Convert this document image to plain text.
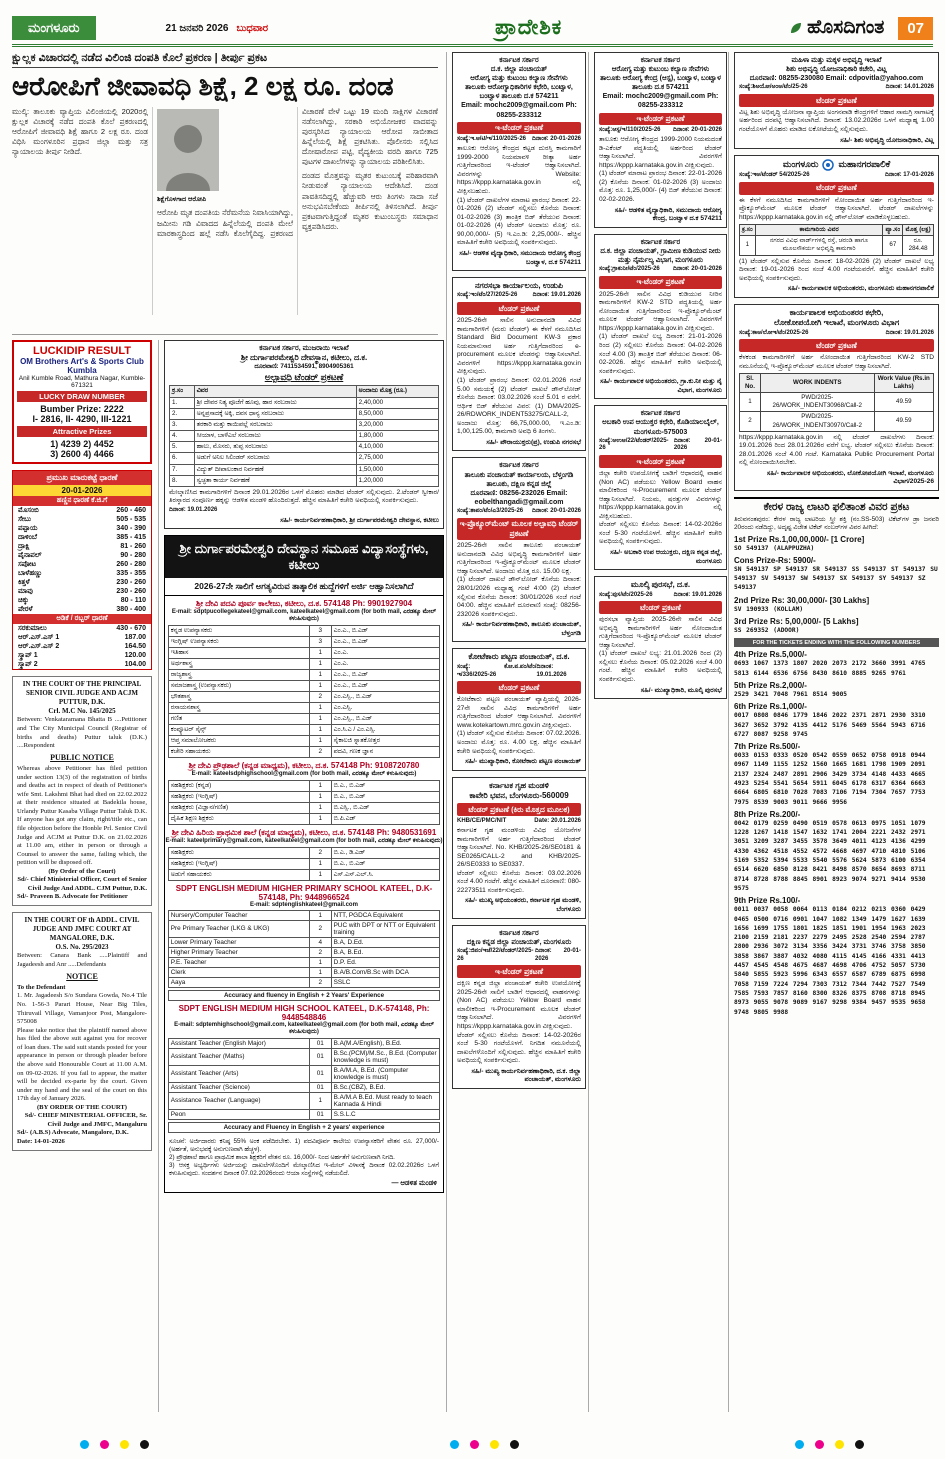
ಮಂಗಳೂರು	21 ಜನವರಿ 2026 ಬುಧವಾರ	ಪ್ರಾದೇಶಿಕ	ಹೊಸದಿಗಂತ	07
ಕ್ಷುಲ್ಲಕ ವಿಚಾರದಲ್ಲಿ ನಡೆದ ವಿಲಿಂಜಿ ದಂಪತಿ ಕೊಲೆ ಪ್ರಕರಣ | ತೀರ್ಪು ಪ್ರಕಟ
ಆರೋಪಿಗೆ ಜೀವಾವಧಿ ಶಿಕ್ಷೆ, 2 ಲಕ್ಷ ರೂ. ದಂಡ

ಮುಲ್ಕಿ: ತಾಲೂಕು ವ್ಯಾಪ್ತಿಯ ವಿಲಿಂಜಿಯಲ್ಲಿ 2020ರಲ್ಲಿ ಕ್ಷುಲ್ಲಕ ವಿಚಾರಕ್ಕೆ ನಡೆದ ದಂಪತಿ ಕೊಲೆ ಪ್ರಕರಣದಲ್ಲಿ ಆರೋಪಿಗೆ ಜೀವಾವಧಿ ಶಿಕ್ಷೆ ಹಾಗೂ 2 ಲಕ್ಷ ರೂ. ದಂಡ ವಿಧಿಸಿ ಮಂಗಳೂರಿನ ಪ್ರಧಾನ ಜಿಲ್ಲಾ ಮತ್ತು ಸತ್ರ ನ್ಯಾಯಾಲಯ ತೀರ್ಪು ನೀಡಿದೆ.

ಶಿಕ್ಷೆಗೊಳಗಾದ ಆರೋಪಿ

ಆರೋಪಿ ಮೃತ ದಂಪತಿಯ ನೆರೆಮನೆಯ ನಿವಾಸಿಯಾಗಿದ್ದು, ಜಮೀನು ಗಡಿ ವಿವಾದದ ಹಿನ್ನೆಲೆಯಲ್ಲಿ ದಂಪತಿ ಮೇಲೆ ಮಾರಕಾಸ್ತ್ರದಿಂದ ಹಲ್ಲೆ ನಡೆಸಿ ಕೊಲೆಗೈದಿದ್ದ. ಪ್ರಕರಣದ ವಿಚಾರಣೆ ವೇಳೆ ಒಟ್ಟು 19 ಮಂದಿ ಸಾಕ್ಷಿಗಳ ವಿಚಾರಣೆ ನಡೆಸಲಾಗಿದ್ದು, ಸರಕಾರಿ ಅಭಿಯೋಜಕರ ವಾದವನ್ನು ಪುರಸ್ಕರಿಸಿದ ನ್ಯಾಯಾಲಯ ಆರೋಪ ಸಾಬೀತಾದ ಹಿನ್ನೆಲೆಯಲ್ಲಿ ಶಿಕ್ಷೆ ಪ್ರಕಟಿಸಿತು. ಪೊಲೀಸರು ಸಲ್ಲಿಸಿದ ದೋಷಾರೋಪ ಪಟ್ಟಿ, ವೈದ್ಯಕೀಯ ವರದಿ ಹಾಗೂ 725 ಪುಟಗಳ ದಾಖಲೆಗಳನ್ನು ನ್ಯಾಯಾಲಯ ಪರಿಶೀಲಿಸಿತು.

ದಂಡದ ಮೊತ್ತವನ್ನು ಮೃತರ ಕುಟುಂಬಕ್ಕೆ ಪರಿಹಾರವಾಗಿ ನೀಡುವಂತೆ ನ್ಯಾಯಾಲಯ ಆದೇಶಿಸಿದೆ. ದಂಡ ಪಾವತಿಸದಿದ್ದಲ್ಲಿ ಹೆಚ್ಚುವರಿ ಆರು ತಿಂಗಳು ಸಾದಾ ಸಜೆ ಅನುಭವಿಸಬೇಕೆಂದು ತೀರ್ಪಿನಲ್ಲಿ ತಿಳಿಸಲಾಗಿದೆ. ತೀರ್ಪು ಪ್ರಕಟವಾಗುತ್ತಿದ್ದಂತೆ ಮೃತರ ಕುಟುಂಬಸ್ಥರು ಸಮಾಧಾನ ವ್ಯಕ್ತಪಡಿಸಿದರು.

LUCKIDIP RESULT
OM Brothers Art's & Sports Club Kumbla
Anil Kumble Road, Mathura Nagar, Kumble-671321
LUCKY DRAW NUMBER
Bumber Prize: 2222
I- 2816, II- 4290, III-1221
Attractive Prizes
1) 4239 2) 4452
3) 2600 4) 4466
ಪ್ರಮುಖ ಮಾರುಕಟ್ಟೆ ಧಾರಣೆ
20-01-2026
ಹಣ್ಣಿನ ಧಾರಣೆ ಕೆ.ಜಿ.ಗೆ
ಮೊಸಂಬಿ	260 - 460
ಸೇಬು	505 - 535
ಪಪ್ಪಾಯ	340 - 390
ದಾಳಿಂಬೆ	385 - 415
ದ್ರಾಕ್ಷಿ	81 - 260
ಪೈನಾಪಲ್	90 - 280
ಸಪೋಟ	260 - 280
ಬಾಳೆಹಣ್ಣು	335 - 355
ಕಿತ್ತಳೆ	230 - 260
ಮಾವು	230 - 260
ಚಿಕ್ಕು	80 - 110
ಪೇರಳೆ	380 - 400
ಅಡಿಕೆ / ರಬ್ಬರ್ ಧಾರಣೆ
ಸರಕುಮಾಲು	430 - 670
ಆರ್.ಎಸ್.ಎಸ್ 1	187.00
ಆರ್.ಎಸ್.ಎಸ್ 2	164.50
ಸ್ಕ್ರಾಪ್ 1	120.00
ಸ್ಕ್ರಾಪ್ 2	104.00
IN THE COURT OF THE PRINCIPAL SENIOR CIVIL JUDGE AND ACJM PUTTUR, D.K.
Crl. M.C No. 145/2025
Between: Venkataramana Bhatta B ....Petitioner and The City Municipal Council (Registrar of births and deaths) Puttur taluk (D.K.) ....Respondent
PUBLIC NOTICE
Whereas above Petitioner has filed petition under section 13(3) of the registration of births and deaths act in respect of death of Petitioner's wife Smt. Lakshmi Bhat had died on 22.02.2022 at their residence situated at Badekila house, Urlandy Puttur Kasaba Village Puttur Taluk D.K. If anyone has got any claim, right/title etc., can file objection before the Honble Prl. Senior Civil Judge and ACJM at Puttur D.K. on 21.02.2026 at 11.00 am, either in person or through a Counsel to answer the same, failing which, the petition will be disposed off.
(By Order of the Court)
Sd/- Chief Ministerial Officer, Court of Senior Civil Judge And ADDL. CJM Puttur, D.K.
Sd/- Praveen B. Advocate for Petitioner
IN THE COURT OF th ADDL. CIVIL JUDGE AND JMFC COURT AT MANGALORE, D.K.
O.S. No. 295/2023
Between: Canara Bank .....Plaintiff and Jagadeesh and Anr .....Defendants
NOTICE
To the Defendant
1. Mr. Jagadeesh S/o Sundara Gowda, No.4 Tile No. 1-56-3 Parari House, Near Big Tiles, Thiruvail Village, Vamanjoor Post, Mangalore-575008
Please take notice that the plaintiff named above has filed the above suit against you for recover of loan dues. The said suit stands posted for your appearance in person or through pleader before the above said Honourable Court at 11.00 A.M. on 09-02-2026. If you fail to appear, the matter will be decided ex-parte by the court. Given under my hand and the seal of the court on this 17th day of January 2026.
(BY ORDER OF THE COURT)
Sd/- CHIEF MINISTERIAL OFFICER, Sr. Civil Judge and JMFC, Mangaluru
Sd/- (A.B.S) Advocate, Mangalore, D.K.
Date: 14-01-2026
ಕರ್ನಾಟಕ ಸರ್ಕಾರ, ಮುಜರಾಯಿ ಇಲಾಖೆ
ಶ್ರೀ ದುರ್ಗಾಪರಮೇಶ್ವರಿ ದೇವಸ್ಥಾನ, ಕಟೀಲು, ದ.ಕ.
ದೂರವಾಣಿ: 7411534591, 8904905361
ಅಲ್ಪಾವಧಿ ಟೆಂಡರ್ ಪ್ರಕಟಣೆ
ಕ್ರ.ಸಂ	ವಿವರ	ಅಂದಾಜು ಮೊತ್ತ (ರೂ.)
1.	ಶ್ರೀ ದೇವರ ನಿತ್ಯ ಪೂಜೆಗೆ ಹೂವು, ಹಾರ ಸರಬರಾಜು	2,40,000
2.	ಅನ್ನಪ್ರಸಾದಕ್ಕೆ ಅಕ್ಕಿ, ದವಸ ಧಾನ್ಯ ಸರಬರಾಜು	8,50,000
3.	ತರಕಾರಿ ಮತ್ತು ಕಾಯಿಪಲ್ಲೆ ಸರಬರಾಜು	3,20,000
4.	ಸೀಯಾಳ, ಬಾಳೆಎಲೆ ಸರಬರಾಜು	1,80,000
5.	ಹಾಲು, ಮೊಸರು, ತುಪ್ಪ ಸರಬರಾಜು	4,10,000
6.	ಅಡುಗೆ ಅನಿಲ ಸಿಲಿಂಡರ್ ಸರಬರಾಜು	2,75,000
7.	ವಿದ್ಯುತ್ ದೀಪಾಲಂಕಾರ ನಿರ್ವಹಣೆ	1,50,000
8.	ಸ್ವಚ್ಛತಾ ಕಾರ್ಯ ನಿರ್ವಹಣೆ	1,20,000
ಮೇಲ್ಕಾಣಿಸಿದ ಕಾಮಗಾರಿಗಳಿಗೆ ದಿನಾಂಕ 29.01.2026ರ ಒಳಗೆ ಮೊಹರು ಮಾಡಿದ ಟೆಂಡರ್ ಸಲ್ಲಿಸುವುದು. 2.ಟೆಂಡರ್ ಸ್ವೀಕಾರ/ತಿರಸ್ಕಾರದ ಸಂಪೂರ್ಣ ಹಕ್ಕನ್ನು ಆಡಳಿತ ಮಂಡಳಿ ಹೊಂದಿರುತ್ತದೆ. ಹೆಚ್ಚಿನ ಮಾಹಿತಿಗೆ ಕಚೇರಿ ಅವಧಿಯಲ್ಲಿ ಸಂಪರ್ಕಿಸುವುದು.
ದಿನಾಂಕ: 19.01.2026
ಸಹಿ/- ಕಾರ್ಯನಿರ್ವಹಣಾಧಿಕಾರಿ, ಶ್ರೀ ದುರ್ಗಾಪರಮೇಶ್ವರಿ ದೇವಸ್ಥಾನ, ಕಟೀಲು
ಶ್ರೀ ದುರ್ಗಾಪರಮೇಶ್ವರಿ ದೇವಸ್ಥಾನ ಸಮೂಹ ವಿದ್ಯಾಸಂಸ್ಥೆಗಳು, ಕಟೀಲು
2026-27ನೇ ಸಾಲಿಗೆ ಅಗತ್ಯವಿರುವ ತಾತ್ಕಾಲಿಕ ಹುದ್ದೆಗಳಿಗೆ ಅರ್ಜಿ ಆಹ್ವಾನಿಸಲಾಗಿದೆ
ಶ್ರೀ ದೇವಿ ಪದವಿ ಪೂರ್ವ ಕಾಲೇಜು, ಕಟೀಲು, ದ.ಕ. 574148 Ph: 9901927904
E-mail: sdptpucollegekateel@gmail.com, kateelkateel@gmail.com (for both mail, ಎರಡಕ್ಕೂ ಮೇಲ್ ಕಳುಹಿಸುವುದು)
ಕನ್ನಡ ಉಪನ್ಯಾಸಕರು	3	ಎಂ.ಎ., ಬಿ.ಎಡ್
ಇಂಗ್ಲಿಷ್ ಉಪನ್ಯಾಸಕರು	3	ಎಂ.ಎ., ಬಿ.ಎಡ್
ಇತಿಹಾಸ	1	ಎಂ.ಎ.
ಅರ್ಥಶಾಸ್ತ್ರ	1	ಎಂ.ಎ.
ರಾಜ್ಯಶಾಸ್ತ್ರ	1	ಎಂ.ಎ., ಬಿ.ಎಡ್
ಸಮಾಜಶಾಸ್ತ್ರ (ಉಪನ್ಯಾಸಕರು)	1	ಎಂ.ಎ., ಬಿ.ಎಡ್
ಭೌತಶಾಸ್ತ್ರ	2	ಎಂ.ಎಸ್ಸಿ., ಬಿ.ಎಡ್
ರಸಾಯನಶಾಸ್ತ್ರ	1	ಎಂ.ಎಸ್ಸಿ.
ಗಣಿತ	1	ಎಂ.ಎಸ್ಸಿ., ಬಿ.ಎಡ್
ಕಂಪ್ಯೂಟರ್ ಸೈನ್ಸ್	1	ಎಂ.ಸಿ.ಎ / ಎಂ.ಎಸ್ಸಿ.
ಆಪ್ತ ಸಮಾಲೋಚಕರು	1	ಸೈಕಾಲಜಿ ಸ್ನಾತಕೋತ್ತರ
ಕಚೇರಿ ಸಹಾಯಕರು	2	ಪದವಿ, ಗಣಕ ಜ್ಞಾನ
ಶ್ರೀ ದೇವಿ ಪ್ರೌಢಶಾಲೆ (ಕನ್ನಡ ಮಾಧ್ಯಮ), ಕಟೀಲು, ದ.ಕ. 574148 Ph: 9108720780
E-mail: kateelsdphighschool@gmail.com (for both mail, ಎರಡಕ್ಕೂ ಮೇಲ್ ಕಳುಹಿಸುವುದು)
ಸಹಶಿಕ್ಷಕರು (ಕನ್ನಡ)	1	ಬಿ.ಎ., ಬಿ.ಎಡ್
ಸಹಶಿಕ್ಷಕರು (ಇಂಗ್ಲಿಷ್)	1	ಬಿ.ಎ., ಬಿ.ಎಡ್
ಸಹಶಿಕ್ಷಕರು (ವಿಜ್ಞಾನ/ಗಣಿತ)	1	ಬಿ.ಎಸ್ಸಿ., ಬಿ.ಎಡ್
ದೈಹಿಕ ಶಿಕ್ಷಣ ಶಿಕ್ಷಕರು	1	ಬಿ.ಪಿ.ಎಡ್
ಶ್ರೀ ದೇವಿ ಹಿರಿಯ ಪ್ರಾಥಮಿಕ ಶಾಲೆ (ಕನ್ನಡ ಮಾಧ್ಯಮ), ಕಟೀಲು, ದ.ಕ. 574148 Ph: 9480531691
E-mail: kateelprimary@gmail.com, kateelkateel@gmail.com (for both mail, ಎರಡಕ್ಕೂ ಮೇಲ್ ಕಳುಹಿಸುವುದು)
ಸಹಶಿಕ್ಷಕರು	2	ಬಿ.ಎ., ಡಿ.ಎಡ್
ಸಹಶಿಕ್ಷಕರು (ಇಂಗ್ಲಿಷ್)	1	ಬಿ.ಎ., ಬಿ.ಎಡ್
ಅಡುಗೆ ಸಹಾಯಕರು	1	ಎಸ್.ಎಸ್.ಎಲ್.ಸಿ.
SDPT ENGLISH MEDIUM HIGHER PRIMARY SCHOOL KATEEL, D.K-574148, Ph: 9448966524
E-mail: sdptenglishkateel@gmail.com
Nursery/Computer Teacher	1	NTT, PGDCA Equivalent
Pre Primary Teacher (LKG & UKG)	2	PUC with DPT or NTT or Equivalent training
Lower Primary Teacher	4	B.A, D.Ed.
Higher Primary Teacher	2	B.A, B.Ed.
P.E. Teacher	1	D.P. Ed.
Clerk	1	B.A/B.Com/B.Sc with DCA
Aaya	2	SSLC
Accuracy and fluency in English + 2 Years' Experience
SDPT ENGLISH MEDIUM HIGH SCHOOL KATEEL, D.K-574148, Ph: 9448548846
E-mail: sdptemhighschool@gmail.com, kateelkateel@gmail.com (for both mail, ಎರಡಕ್ಕೂ ಮೇಲ್ ಕಳುಹಿಸುವುದು)
Assistant Teacher (English Major)	01	B.A(M.A/English), B.Ed.
Assistant Teacher (Maths)	01	B.Sc.(PCM)/M.Sc., B.Ed. (Computer knowledge is must)
Assistant Teacher (Arts)	01	B.A/M.A, B.Ed. (Computer knowledge is must)
Assistant Teacher (Science)	01	B.Sc.(CBZ), B.Ed.
Assistance Teacher (Language)	1	B.A/M.A B.Ed. Must ready to teach Kannada & Hindi
Peon	01	S.S.L.C
Accuracy and Fluency in English + 2 years' experience
ಸೂಚನೆ: ಅರ್ಜಿದಾರರು ಕನಿಷ್ಠ 55% ಅಂಕ ಪಡೆದಿರಬೇಕು. 1) ಪದವಿಪೂರ್ವ ಕಾಲೇಜು ಉಪನ್ಯಾಸಕರಿಗೆ ವೇತನ ರೂ. 27,000/- (ಅರ್ಹತೆ, ಅನುಭವಕ್ಕೆ ಅನುಗುಣವಾಗಿ ಹೆಚ್ಚಳ).
2) ಪ್ರೌಢಶಾಲೆ ಹಾಗೂ ಪ್ರಾಥಮಿಕ ಶಾಲಾ ಶಿಕ್ಷಕರಿಗೆ ವೇತನ ರೂ. 16,000/- ನಿಂದ ಅರ್ಹತೆಗೆ ಅನುಗುಣವಾಗಿ ನಿಗದಿ.
3) ಆಸಕ್ತ ಅಭ್ಯರ್ಥಿಗಳು ಅರ್ಜಿಯನ್ನು ದಾಖಲೆಗಳೊಂದಿಗೆ ಮೇಲ್ಕಾಣಿಸಿದ ಇ-ಮೇಲ್ ವಿಳಾಸಕ್ಕೆ ದಿನಾಂಕ 02.02.2026ರ ಒಳಗೆ ಕಳುಹಿಸುವುದು. ಸಂದರ್ಶನ ದಿನಾಂಕ 07.02.2026ರಂದು ಆಯಾ ಸಂಸ್ಥೆಗಳಲ್ಲಿ ನಡೆಯಲಿದೆ.
— ಆಡಳಿತ ಮಂಡಳಿ
ಕರ್ನಾಟಕ ಸರ್ಕಾರ
ದ.ಕ. ಜಿಲ್ಲಾ ಪಂಚಾಯತ್
ಆರೋಗ್ಯ ಮತ್ತು ಕುಟುಂಬ ಕಲ್ಯಾಣ ಸೇವೆಗಳು
ತಾಲೂಕು ಆರೋಗ್ಯಾಧಿಕಾರಿಗಳ ಕಛೇರಿ, ಬಂಟ್ವಾಳ, ಬಂಟ್ವಾಳ ತಾಲೂಕು ದ.ಕ 574211
Email: mochc2009@gmail.com Ph: 08255-233312
ಇ-ಟೆಂಡರ್ ಪ್ರಕಟಣೆ
ಸಂಖ್ಯೆ:ಇ.ಆ/ಟಿ/ಇ/110/2025-26 ದಿನಾಂಕ: 20-01-2026
ತಾಲೂಕು ಆರೋಗ್ಯ ಕೇಂದ್ರದ ಕಟ್ಟಡ ದುರಸ್ತಿ ಕಾಮಗಾರಿಗೆ 1999-2000 ನಿಯಮಾವಳಿ ರೀತ್ಯಾ ಅರ್ಹ ಗುತ್ತಿಗೆದಾರರಿಂದ ಇ-ಟೆಂಡರ್ ಆಹ್ವಾನಿಸಲಾಗಿದೆ. ವಿವರಗಳನ್ನು Website: https://kppp.karnataka.gov.in ನಲ್ಲಿ ವೀಕ್ಷಿಸಬಹುದು.
(1) ಟೆಂಡರ್ ದಾಖಲೆಗಳ ಮಾರಾಟ ಪ್ರಾರಂಭ ದಿನಾಂಕ: 22-01-2026 (2) ಟೆಂಡರ್ ಸಲ್ಲಿಸಲು ಕೊನೆಯ ದಿನಾಂಕ: 01-02-2026 (3) ತಾಂತ್ರಿಕ ಬಿಡ್ ತೆರೆಯುವ ದಿನಾಂಕ: 01-02-2026 (4) ಟೆಂಡರ್ ಅಂದಾಜು ಮೊತ್ತ: ರೂ. 90,00,000/- (5) ಇ.ಎಂ.ಡಿ: 2,25,000/-. ಹೆಚ್ಚಿನ ಮಾಹಿತಿಗೆ ಕಚೇರಿ ಅವಧಿಯಲ್ಲಿ ಸಂಪರ್ಕಿಸುವುದು.
ಸಹಿ/- ಆಡಳಿತ ವೈದ್ಯಾಧಿಕಾರಿ, ಸಮುದಾಯ ಆರೋಗ್ಯ ಕೇಂದ್ರ ಬಂಟ್ವಾಳ, ದ.ಕ 574211
ನಗರಸಭಾ ಕಾರ್ಯಾಲಯ, ಉಡುಪಿ
ಸಂಖ್ಯೆ:ಇಂ/ಟೆಂ/27/2025-26	ದಿನಾಂಕ: 19.01.2026
ಟೆಂಡರ್ ಪ್ರಕಟಣೆ
2025-26ನೇ ಸಾಲಿನ ಅನುದಾನದಡಿ ವಿವಿಧ ಕಾಮಗಾರಿಗಳಿಗೆ (ಮರು ಟೆಂಡರ್) ಈ ಕೆಳಗೆ ನಮೂದಿಸಿದ Standard Bid Document KW-3 ಪ್ರಕಾರ ನಿಯಮಾನುಸಾರ ಅರ್ಹ ಗುತ್ತಿಗೆದಾರರಿಂದ e-procurement ಮೂಲಕ ಟೆಂಡರನ್ನು ಆಹ್ವಾನಿಸಲಾಗಿದೆ. ವಿವರಗಳಿಗೆ https://kppp.karnataka.gov.in ವೀಕ್ಷಿಸುವುದು.
(1) ಟೆಂಡರ್ ಪ್ರಾರಂಭ ದಿನಾಂಕ: 02.01.2026 ಗಂಟೆ 5.00 ಸಮಯಕ್ಕೆ (2) ಟೆಂಡರ್ ದಾಖಲೆ ಡೌನ್‌ಲೋಡ್ ಕೊನೆಯ ದಿನಾಂಕ: 03.02.2026 ಸಂಜೆ 5.01 ರ ವರೆಗೆ. ಆರ್ಥಿಕ ಬಿಡ್ ತೆರೆಯುವ ವಿವರ: (1) DMA/2025-26/RDWORK_INDENT53275/CALL-2, ಅಂದಾಜು ಮೊತ್ತ: 66,75,000.00, ಇ.ಎಂ.ಡಿ: 1,00,125.00, ಕಾಮಗಾರಿ ಅವಧಿ 6 ತಿಂಗಳು.
ಸಹಿ/- ಪೌರಾಯುಕ್ತರು(ಪ್ರ), ಉಡುಪಿ ನಗರಸಭೆ
ಕರ್ನಾಟಕ ಸರ್ಕಾರ
ತಾಲೂಕು ಪಂಚಾಯತ್ ಕಾರ್ಯಾಲಯ, ಬೆಳ್ತಂಗಡಿ ತಾಲೂಕು, ದಕ್ಷಿಣ ಕನ್ನಡ ಜಿಲ್ಲೆ
ದೂರವಾಣಿ: 08256-232026 Email: eobelthangadi@gmail.com
ಸಂಖ್ಯೆ:ತಾಪಂ/ಟೆಂ/ಎ3/2025-26 ದಿನಾಂಕ: 20-01-2026
ಇ-ಪ್ರೊಕ್ಯೂರ್‌ಮೆಂಟ್ ಮೂಲಕ ಅಲ್ಪಾವಧಿ ಟೆಂಡರ್ ಪ್ರಕಟಣೆ
2025-26ನೇ ಸಾಲಿನ ತಾಲೂಕು ಪಂಚಾಯತ್ ಅನುದಾನದಡಿ ವಿವಿಧ ಅಭಿವೃದ್ಧಿ ಕಾಮಗಾರಿಗಳಿಗೆ ಅರ್ಹ ಗುತ್ತಿಗೆದಾರರಿಂದ ಇ-ಪ್ರೊಕ್ಯೂರ್‌ಮೆಂಟ್ ಮೂಲಕ ಟೆಂಡರ್ ಆಹ್ವಾನಿಸಲಾಗಿದೆ. ಅಂದಾಜು ಮೊತ್ತ ರೂ. 15.00 ಲಕ್ಷ.
(1) ಟೆಂಡರ್ ದಾಖಲೆ ಡೌನ್‌ಲೋಡ್ ಕೊನೆಯ ದಿನಾಂಕ: 28/01/2026 ಮಧ್ಯಾಹ್ನ ಗಂಟೆ 4:00 (2) ಟೆಂಡರ್ ಸಲ್ಲಿಸುವ ಕೊನೆಯ ದಿನಾಂಕ: 30/01/2026 ಸಂಜೆ ಗಂಟೆ 04:00. ಹೆಚ್ಚಿನ ಮಾಹಿತಿಗೆ ದೂರವಾಣಿ ಸಂಖ್ಯೆ: 08256-232026 ಸಂಪರ್ಕಿಸುವುದು.
ಸಹಿ/- ಕಾರ್ಯನಿರ್ವಹಣಾಧಿಕಾರಿ, ತಾಲೂಕು ಪಂಚಾಯತ್, ಬೆಳ್ತಂಗಡಿ
ಕೋಟೆಕಾರು ಪಟ್ಟಣ ಪಂಚಾಯತ್, ದ.ಕ.
ಸಂಖ್ಯೆ: ಕೋ.ಪ.ಪಂ/ಟೆಂ/ಇ/336/2025-26
ದಿನಾಂಕ: 19.01.2026
ಟೆಂಡರ್ ಪ್ರಕಟಣೆ
ಕೋಟೆಕಾರು ಪಟ್ಟಣ ಪಂಚಾಯತ್ ವ್ಯಾಪ್ತಿಯಲ್ಲಿ 2026-27ನೇ ಸಾಲಿನ ವಿವಿಧ ಕಾಮಗಾರಿಗಳಿಗೆ ಅರ್ಹ ಗುತ್ತಿಗೆದಾರರಿಂದ ಟೆಂಡರ್ ಆಹ್ವಾನಿಸಲಾಗಿದೆ. ವಿವರಗಳಿಗೆ www.kotekartown.mrc.gov.in ವೀಕ್ಷಿಸುವುದು.
(1) ಟೆಂಡರ್ ಸಲ್ಲಿಸುವ ಕೊನೆಯ ದಿನಾಂಕ: 07.02.2026. ಅಂದಾಜು ಮೊತ್ತ: ರೂ. 4.00 ಲಕ್ಷ. ಹೆಚ್ಚಿನ ಮಾಹಿತಿಗೆ ಕಚೇರಿ ಅವಧಿಯಲ್ಲಿ ಸಂಪರ್ಕಿಸುವುದು.
ಸಹಿ/- ಮುಖ್ಯಾಧಿಕಾರಿ, ಕೋಟೆಕಾರು ಪಟ್ಟಣ ಪಂಚಾಯತ್
ಕರ್ನಾಟಕ ಗೃಹ ಮಂಡಳಿ
ಕಾವೇರಿ ಭವನ, ಬೆಂಗಳೂರು-560009
ಟೆಂಡರ್ ಪ್ರಕಟಣೆ (ಕಿರು ಮೊತ್ತದ ಮೂಲಕ)
KHB/CE/PMC/NIT	Date: 20.01.2026
ಕರ್ನಾಟಕ ಗೃಹ ಮಂಡಳಿಯ ವಿವಿಧ ಯೋಜನೆಗಳ ಕಾಮಗಾರಿಗಳಿಗೆ ಅರ್ಹ ಗುತ್ತಿಗೆದಾರರಿಂದ ಟೆಂಡರ್ ಆಹ್ವಾನಿಸಲಾಗಿದೆ. No. KHB/2025-26/SE0181 & SE0265/CALL-2 and KHB/2025-26/SE0333 to SE0337.
ಟೆಂಡರ್ ಸಲ್ಲಿಸಲು ಕೊನೆಯ ದಿನಾಂಕ: 03.02.2026 ಸಂಜೆ 4.00 ಗಂಟೆಗೆ. ಹೆಚ್ಚಿನ ಮಾಹಿತಿಗೆ ದೂರವಾಣಿ: 080-22273511 ಸಂಪರ್ಕಿಸುವುದು.
ಸಹಿ/- ಮುಖ್ಯ ಅಭಿಯಂತರರು, ಕರ್ನಾಟಕ ಗೃಹ ಮಂಡಳಿ, ಬೆಂಗಳೂರು
ಕರ್ನಾಟಕ ಸರ್ಕಾರ
ದಕ್ಷಿಣ ಕನ್ನಡ ಜಿಲ್ಲಾ ಪಂಚಾಯತ್, ಮಂಗಳೂರು
ಸಂಖ್ಯೆ:ಜಿಪಂ/ಇಜೆ/22/ಟೆಂಡರ್/2025-26
ದಿನಾಂಕ: 20-01-2026
ಇ-ಟೆಂಡರ್ ಪ್ರಕಟಣೆ
ದಕ್ಷಿಣ ಕನ್ನಡ ಜಿಲ್ಲಾ ಪಂಚಾಯತ್ ಕಚೇರಿ ಉಪಯೋಗಕ್ಕೆ 2025-26ನೇ ಸಾಲಿಗೆ ಬಾಡಿಗೆ ಆಧಾರದಲ್ಲಿ ವಾಹನಗಳನ್ನು (Non AC) ಪಡೆಯಲು Yellow Board ವಾಹನ ಮಾಲೀಕರಿಂದ ಇ-Procurement ಮೂಲಕ ಟೆಂಡರ್ ಆಹ್ವಾನಿಸಲಾಗಿದೆ. ವಿವರಗಳಿಗೆ https://kppp.karnataka.gov.in ವೀಕ್ಷಿಸುವುದು.
ಟೆಂಡರ್ ಸಲ್ಲಿಸಲು ಕೊನೆಯ ದಿನಾಂಕ: 14-02-2026ರ ಸಂಜೆ 5-30 ಗಂಟೆಯೊಳಗೆ. ನಿಗದಿತ ನಮೂನೆಯಲ್ಲಿ ದಾಖಲೆಗಳೊಂದಿಗೆ ಸಲ್ಲಿಸುವುದು. ಹೆಚ್ಚಿನ ಮಾಹಿತಿಗೆ ಕಚೇರಿ ಅವಧಿಯಲ್ಲಿ ಸಂಪರ್ಕಿಸುವುದು.
ಸಹಿ/- ಮುಖ್ಯ ಕಾರ್ಯನಿರ್ವಹಣಾಧಿಕಾರಿ, ದ.ಕ. ಜಿಲ್ಲಾ ಪಂಚಾಯತ್, ಮಂಗಳೂರು
ಕರ್ನಾಟಕ ಸರ್ಕಾರ
ಆರೋಗ್ಯ ಮತ್ತು ಕುಟುಂಬ ಕಲ್ಯಾಣ ಸೇವೆಗಳು
ತಾಲೂಕು ಆರೋಗ್ಯ ಕೇಂದ್ರ (ಆಸ್ಪ), ಬಂಟ್ವಾಳ, ಬಂಟ್ವಾಳ ತಾಲೂಕು ದ.ಕ 574211
Email: mochc2009@gmail.com Ph: 08255-233312
ಇ-ಟೆಂಡರ್ ಪ್ರಕಟಣೆ
ಸಂಖ್ಯೆ:ಆಸ್ಪ/ಇ/110/2025-26 ದಿನಾಂಕ: 20-01-2026
ತಾಲೂಕು ಆರೋಗ್ಯ ಕೇಂದ್ರದ 1999-2000 ನಿಯಮದಂತೆ ಡಿ-ಎಕೆಂಟ್ ಪದ್ಧತಿಯಲ್ಲಿ ಅರ್ಹರಿಂದ ಟೆಂಡರ್ ಆಹ್ವಾನಿಸಲಾಗಿದೆ. ವಿವರಗಳಿಗೆ https://kppp.karnataka.gov.in ವೀಕ್ಷಿಸುವುದು.
(1) ಟೆಂಡರ್ ಮಾರಾಟ ಪ್ರಾರಂಭ ದಿನಾಂಕ: 22-01-2026 (2) ಕೊನೆಯ ದಿನಾಂಕ: 01-02-2026 (3) ಅಂದಾಜು ಮೊತ್ತ: ರೂ. 1,25,000/- (4) ಬಿಡ್ ತೆರೆಯುವ ದಿನಾಂಕ: 02-02-2026.
ಸಹಿ/- ಆಡಳಿತ ವೈದ್ಯಾಧಿಕಾರಿ, ಸಮುದಾಯ ಆರೋಗ್ಯ ಕೇಂದ್ರ, ಬಂಟ್ವಾಳ ದ.ಕ 574211
ಕರ್ನಾಟಕ ಸರ್ಕಾರ
ದ.ಕ. ಜಿಲ್ಲಾ ಪಂಚಾಯತ್, ಗ್ರಾಮೀಣ ಕುಡಿಯುವ ನೀರು ಮತ್ತು ನೈರ್ಮಲ್ಯ ವಿಭಾಗ, ಮಂಗಳೂರು
ಸಂಖ್ಯೆ:ಗ್ರಾಕುನೀ/ಟೆಂ/2025-26 ದಿನಾಂಕ: 20-01-2026
ಇ-ಟೆಂಡರ್ ಪ್ರಕಟಣೆ
2025-26ನೇ ಸಾಲಿನ ವಿವಿಧ ಕುಡಿಯುವ ನೀರಿನ ಕಾಮಗಾರಿಗಳಿಗೆ KW-2 STD ಪದ್ಧತಿಯಲ್ಲಿ ಅರ್ಹ ನೋಂದಾಯಿತ ಗುತ್ತಿಗೆದಾರರಿಂದ ಇ-ಪ್ರೊಕ್ಯೂರ್‌ಮೆಂಟ್ ಮೂಲಕ ಟೆಂಡರ್ ಆಹ್ವಾನಿಸಲಾಗಿದೆ. ವಿವರಗಳಿಗೆ https://kppp.karnataka.gov.in ವೀಕ್ಷಿಸುವುದು.
(1) ಟೆಂಡರ್ ದಾಖಲೆ ಲಭ್ಯ ದಿನಾಂಕ: 21-01-2026 ರಿಂದ (2) ಸಲ್ಲಿಸಲು ಕೊನೆಯ ದಿನಾಂಕ: 04-02-2026 ಸಂಜೆ 4.00 (3) ತಾಂತ್ರಿಕ ಬಿಡ್ ತೆರೆಯುವ ದಿನಾಂಕ: 06-02-2026. ಹೆಚ್ಚಿನ ಮಾಹಿತಿಗೆ ಕಚೇರಿ ಅವಧಿಯಲ್ಲಿ ಸಂಪರ್ಕಿಸುವುದು.
ಸಹಿ/- ಕಾರ್ಯಪಾಲಕ ಅಭಿಯಂತರರು, ಗ್ರಾ.ಕು.ನೀ ಮತ್ತು ನೈ ವಿಭಾಗ, ಮಂಗಳೂರು
ಕರ್ನಾಟಕ ಸರ್ಕಾರ
ಅಬಕಾರಿ ಉಪ ಆಯುಕ್ತರ ಕಛೇರಿ, ಕೊಡಿಯಾಲಬೈಲ್, ಮಂಗಳೂರು-575003
ಸಂಖ್ಯೆ:ಅಉಆ/22/ಟೆಂಡರ್/2025-26
ದಿನಾಂಕ: 20-01-2026
ಇ-ಟೆಂಡರ್ ಪ್ರಕಟಣೆ
ಜಿಲ್ಲಾ ಕಚೇರಿ ಉಪಯೋಗಕ್ಕೆ ಬಾಡಿಗೆ ಆಧಾರದಲ್ಲಿ ವಾಹನ (Non AC) ಪಡೆಯಲು Yellow Board ವಾಹನ ಮಾಲೀಕರಿಂದ ಇ-Procurement ಮೂಲಕ ಟೆಂಡರ್ ಆಹ್ವಾನಿಸಲಾಗಿದೆ. ನಿಯಮ, ಷರತ್ತುಗಳ ವಿವರಗಳನ್ನು https://kppp.karnataka.gov.in ನಲ್ಲಿ ವೀಕ್ಷಿಸಬಹುದು.
ಟೆಂಡರ್ ಸಲ್ಲಿಸಲು ಕೊನೆಯ ದಿನಾಂಕ: 14-02-2026ರ ಸಂಜೆ 5-30 ಗಂಟೆಯೊಳಗೆ. ಹೆಚ್ಚಿನ ಮಾಹಿತಿಗೆ ಕಚೇರಿ ಅವಧಿಯಲ್ಲಿ ಸಂಪರ್ಕಿಸುವುದು.
ಸಹಿ/- ಅಬಕಾರಿ ಉಪ ಆಯುಕ್ತರು, ದಕ್ಷಿಣ ಕನ್ನಡ ಜಿಲ್ಲೆ, ಮಂಗಳೂರು
ಮೂಲ್ಕಿ ಪುರಸಭೆ, ದ.ಕ.
ಸಂಖ್ಯೆ:ಪುಸ/ಟೆಂ/2025-26	ದಿನಾಂಕ: 19.01.2026
ಟೆಂಡರ್ ಪ್ರಕಟಣೆ
ಪುರಸಭಾ ವ್ಯಾಪ್ತಿಯ 2025-26ನೇ ಸಾಲಿನ ವಿವಿಧ ಅಭಿವೃದ್ಧಿ ಕಾಮಗಾರಿಗಳಿಗೆ ಅರ್ಹ ನೋಂದಾಯಿತ ಗುತ್ತಿಗೆದಾರರಿಂದ ಇ-ಪ್ರೊಕ್ಯೂರ್‌ಮೆಂಟ್ ಮೂಲಕ ಟೆಂಡರ್ ಆಹ್ವಾನಿಸಲಾಗಿದೆ.
(1) ಟೆಂಡರ್ ದಾಖಲೆ ಲಭ್ಯ: 21.01.2026 ರಿಂದ (2) ಸಲ್ಲಿಸಲು ಕೊನೆಯ ದಿನಾಂಕ: 05.02.2026 ಸಂಜೆ 4.00 ಗಂಟೆ. ಹೆಚ್ಚಿನ ಮಾಹಿತಿಗೆ ಕಚೇರಿ ಅವಧಿಯಲ್ಲಿ ಸಂಪರ್ಕಿಸುವುದು.
ಸಹಿ/- ಮುಖ್ಯಾಧಿಕಾರಿ, ಮೂಲ್ಕಿ ಪುರಸಭೆ
ಮಹಿಳಾ ಮತ್ತು ಮಕ್ಕಳ ಅಭಿವೃದ್ಧಿ ಇಲಾಖೆ
ಶಿಶು ಅಭಿವೃದ್ಧಿ ಯೋಜನಾಧಿಕಾರಿ ಕಚೇರಿ, ವಿಟ್ಲ
ದೂರವಾಣಿ: 08255-230080 Email: cdpovitla@yahoo.com
ಸಂಖ್ಯೆ:ಶಿಅಯೋ/ಅಂಅ/ಟೆಂ/25-26	ದಿನಾಂಕ: 14.01.2026
ಟೆಂಡರ್ ಪ್ರಕಟಣೆ
ವಿಟ್ಲ ಶಿಶು ಅಭಿವೃದ್ಧಿ ಯೋಜನಾ ವ್ಯಾಪ್ತಿಯ ಅಂಗನವಾಡಿ ಕೇಂದ್ರಗಳಿಗೆ ಆಹಾರ ಸಾಮಗ್ರಿ ಸಾಗಾಟಕ್ಕೆ ಅರ್ಹರಿಂದ ದರಪಟ್ಟಿ ಆಹ್ವಾನಿಸಲಾಗಿದೆ. ದಿನಾಂಕ: 13.02.2026ರ ಒಳಗೆ ಮಧ್ಯಾಹ್ನ 1.00 ಗಂಟೆಯೊಳಗೆ ಮೊಹರು ಮಾಡಿದ ಲಕೋಟೆಯಲ್ಲಿ ಸಲ್ಲಿಸುವುದು.
ಸಹಿ/- ಶಿಶು ಅಭಿವೃದ್ಧಿ ಯೋಜನಾಧಿಕಾರಿ, ವಿಟ್ಲ
ಮಂಗಳೂರು ಮಹಾನಗರಪಾಲಿಕೆ
ಸಂಖ್ಯೆ:ಇಅ/ಟೆಂಡರ್ 54/2025-26	ದಿನಾಂಕ: 17-01-2026
ಟೆಂಡರ್ ಪ್ರಕಟಣೆ
ಈ ಕೆಳಗೆ ನಮೂದಿಸಿದ ಕಾಮಗಾರಿಗಳಿಗೆ ನೋಂದಾಯಿತ ಅರ್ಹ ಗುತ್ತಿಗೆದಾರರಿಂದ ಇ-ಪ್ರೊಕ್ಯೂರ್‌ಮೆಂಟ್ ಮೂಲಕ ಟೆಂಡರ್ ಆಹ್ವಾನಿಸಲಾಗಿದೆ. ಟೆಂಡರ್ ದಾಖಲೆಗಳನ್ನು https://kppp.karnataka.gov.in ನಲ್ಲಿ ಡೌನ್‌ಲೋಡ್ ಮಾಡಿಕೊಳ್ಳಬಹುದು.
ಕ್ರ.ಸಂ	ಕಾಮಗಾರಿಯ ವಿವರ	ಪ್ಯಾ.ಸಂ	ಮೊತ್ತ (ಲಕ್ಷ)
1	ನಗರದ ವಿವಿಧ ವಾರ್ಡ್‌ಗಳಲ್ಲಿ ರಸ್ತೆ, ಚರಂಡಿ ಹಾಗೂ ಮೂಲಸೌಕರ್ಯ ಅಭಿವೃದ್ಧಿ ಕಾಮಗಾರಿ	67	ರೂ. 284.48
(1) ಟೆಂಡರ್ ಸಲ್ಲಿಸುವ ಕೊನೆಯ ದಿನಾಂಕ: 18-02-2026 (2) ಟೆಂಡರ್ ದಾಖಲೆ ಲಭ್ಯ ದಿನಾಂಕ: 19-01-2026 ರಿಂದ ಸಂಜೆ 4.00 ಗಂಟೆಯವರೆಗೆ. ಹೆಚ್ಚಿನ ಮಾಹಿತಿಗೆ ಕಚೇರಿ ಅವಧಿಯಲ್ಲಿ ಸಂಪರ್ಕಿಸುವುದು.
ಸಹಿ/- ಕಾರ್ಯಪಾಲಕ ಅಭಿಯಂತರರು, ಮಂಗಳೂರು ಮಹಾನಗರಪಾಲಿಕೆ
ಕಾರ್ಯಪಾಲಕ ಅಭಿಯಂತರರ ಕಛೇರಿ,
ಲೋಕೋಪಯೋಗಿ ಇಲಾಖೆ, ಮಂಗಳೂರು ವಿಭಾಗ
ಸಂಖ್ಯೆ:ಕಾಅ/ಲೋಇ/ಟೆಂ/2025-26	ದಿನಾಂಕ: 19.01.2026
ಟೆಂಡರ್ ಪ್ರಕಟಣೆ
ಕೆಳಕಂಡ ಕಾಮಗಾರಿಗಳಿಗೆ ಅರ್ಹ ನೋಂದಾಯಿತ ಗುತ್ತಿಗೆದಾರರಿಂದ KW-2 STD ನಮೂನೆಯಲ್ಲಿ ಇ-ಪ್ರೊಕ್ಯೂರ್‌ಮೆಂಟ್ ಮೂಲಕ ಟೆಂಡರ್ ಆಹ್ವಾನಿಸಲಾಗಿದೆ.
Sl. No.	WORK INDENTS	Work Value (Rs.in Lakhs)
1	PWD/2025-26/WORK_INDENT30968/Call-2	49.59
2	PWD/2025-26/WORK_INDENT30970/Call-2	49.59
https://kppp.karnataka.gov.in ನಲ್ಲಿ ಟೆಂಡರ್ ದಾಖಲೆಗಳು ದಿನಾಂಕ: 19.01.2026 ರಿಂದ 28.01.2026ರ ವರೆಗೆ ಲಭ್ಯ. ಟೆಂಡರ್ ಸಲ್ಲಿಸಲು ಕೊನೆಯ ದಿನಾಂಕ: 28.01.2026 ಸಂಜೆ 4.00 ಗಂಟೆ. Karnataka Public Procurement Portal ನಲ್ಲಿ ನೋಂದಾಯಿಸಿರಬೇಕು.
ಸಹಿ/- ಕಾರ್ಯಪಾಲಕ ಅಭಿಯಂತರರು, ಲೋಕೋಪಯೋಗಿ ಇಲಾಖೆ, ಮಂಗಳೂರು ವಿಭಾಗ/2025-26
ಕೇರಳ ರಾಜ್ಯ ಲಾಟರಿ ಫಲಿತಾಂಶ ವಿವರ ಪ್ರಕಟ
ತಿರುವನಂತಪುರಂ: ಕೇರಳ ರಾಜ್ಯ ಲಾಟರಿಯ ಸ್ತ್ರೀ ಶಕ್ತಿ (ನಂ.SS-503) ಟಿಕೆಟ್‌ಗಳ ಡ್ರಾ ಜನವರಿ 20ರಂದು ನಡೆದಿದ್ದು, ಅದೃಷ್ಟ ವಿಜೇತ ಟಿಕೆಟ್ ನಂಬರ್‌ಗಳ ವಿವರ ಹೀಗಿದೆ:
1st Prize Rs.1,00,00,000/- [1 Crore]
SO 549137 (ALAPPUZHA)
Cons Prize-Rs: 5900/-
SN 549137 SP 549137 SR 549137 SS 549137 ST 549137 SU 549137 SV 549137 SW 549137 SX 549137 SY 549137 SZ 549137
2nd Prize Rs: 30,00,000/- [30 Lakhs]
SV 190933 (KOLLAM)
3rd Prize Rs: 5,00,000/- [5 Lakhs]
SS 269352 (ADOOR)
FOR THE TICKETS ENDING WITH THE FOLLOWING NUMBERS
4th Prize Rs.5,000/-
0693 1067 1373 1807 2020 2073 2172 3660 3991 4765 5813 6144 6536 6756 8430 8610 8885 9265 9761
5th Prize Rs.2,000/-
2529 3421 7048 7961 8514 9005
6th Prize Rs.1,000/-
0017 0808 0846 1779 1846 2022 2371 2871 2930 3310 3627 3652 3792 4135 4412 5176 5469 5564 5943 6716 6727 8087 9258 9745
7th Prize Rs.500/-
0033 0153 0333 0520 0542 0559 0652 0758 0918 0944 0967 1149 1155 1252 1560 1665 1681 1798 1909 2091 2137 2324 2487 2891 2906 3429 3734 4148 4433 4665 4923 5254 5541 5654 5911 6045 6178 6317 6364 6663 6664 6805 6810 7028 7083 7106 7194 7304 7657 7753 7975 8539 9003 9011 9666 9956
8th Prize Rs.200/-
0042 0179 0259 0490 0519 0578 0613 0975 1051 1079 1228 1267 1418 1547 1632 1741 2004 2221 2432 2971 3051 3209 3287 3455 3578 3649 4011 4123 4136 4299 4330 4362 4518 4552 4572 4668 4697 4710 4810 5106 5169 5352 5394 5533 5540 5576 5624 5873 6100 6354 6514 6620 6850 8128 8421 8498 8570 8654 8693 8711 8714 8728 8788 8845 8901 8923 9074 9271 9414 9530 9575
9th Prize Rs.100/-
0011 0037 0058 0064 0113 0184 0212 0213 0360 0429 0465 0500 0716 0901 1047 1082 1349 1479 1627 1639 1656 1699 1755 1801 1825 1851 1901 1954 1963 2023 2100 2159 2181 2237 2279 2495 2528 2540 2594 2787 2800 2936 3072 3134 3356 3424 3731 3746 3758 3850 3858 3867 3887 4032 4080 4115 4145 4166 4331 4413 4457 4545 4548 4675 4687 4698 4706 4752 5057 5730 5840 5855 5923 5996 6343 6557 6587 6789 6875 6998 7058 7159 7224 7294 7303 7312 7344 7442 7527 7549 7585 7593 7857 8160 8300 8326 8375 8708 8718 8945 8973 9055 9078 9089 9167 9298 9384 9457 9535 9658 9748 9805 9988
